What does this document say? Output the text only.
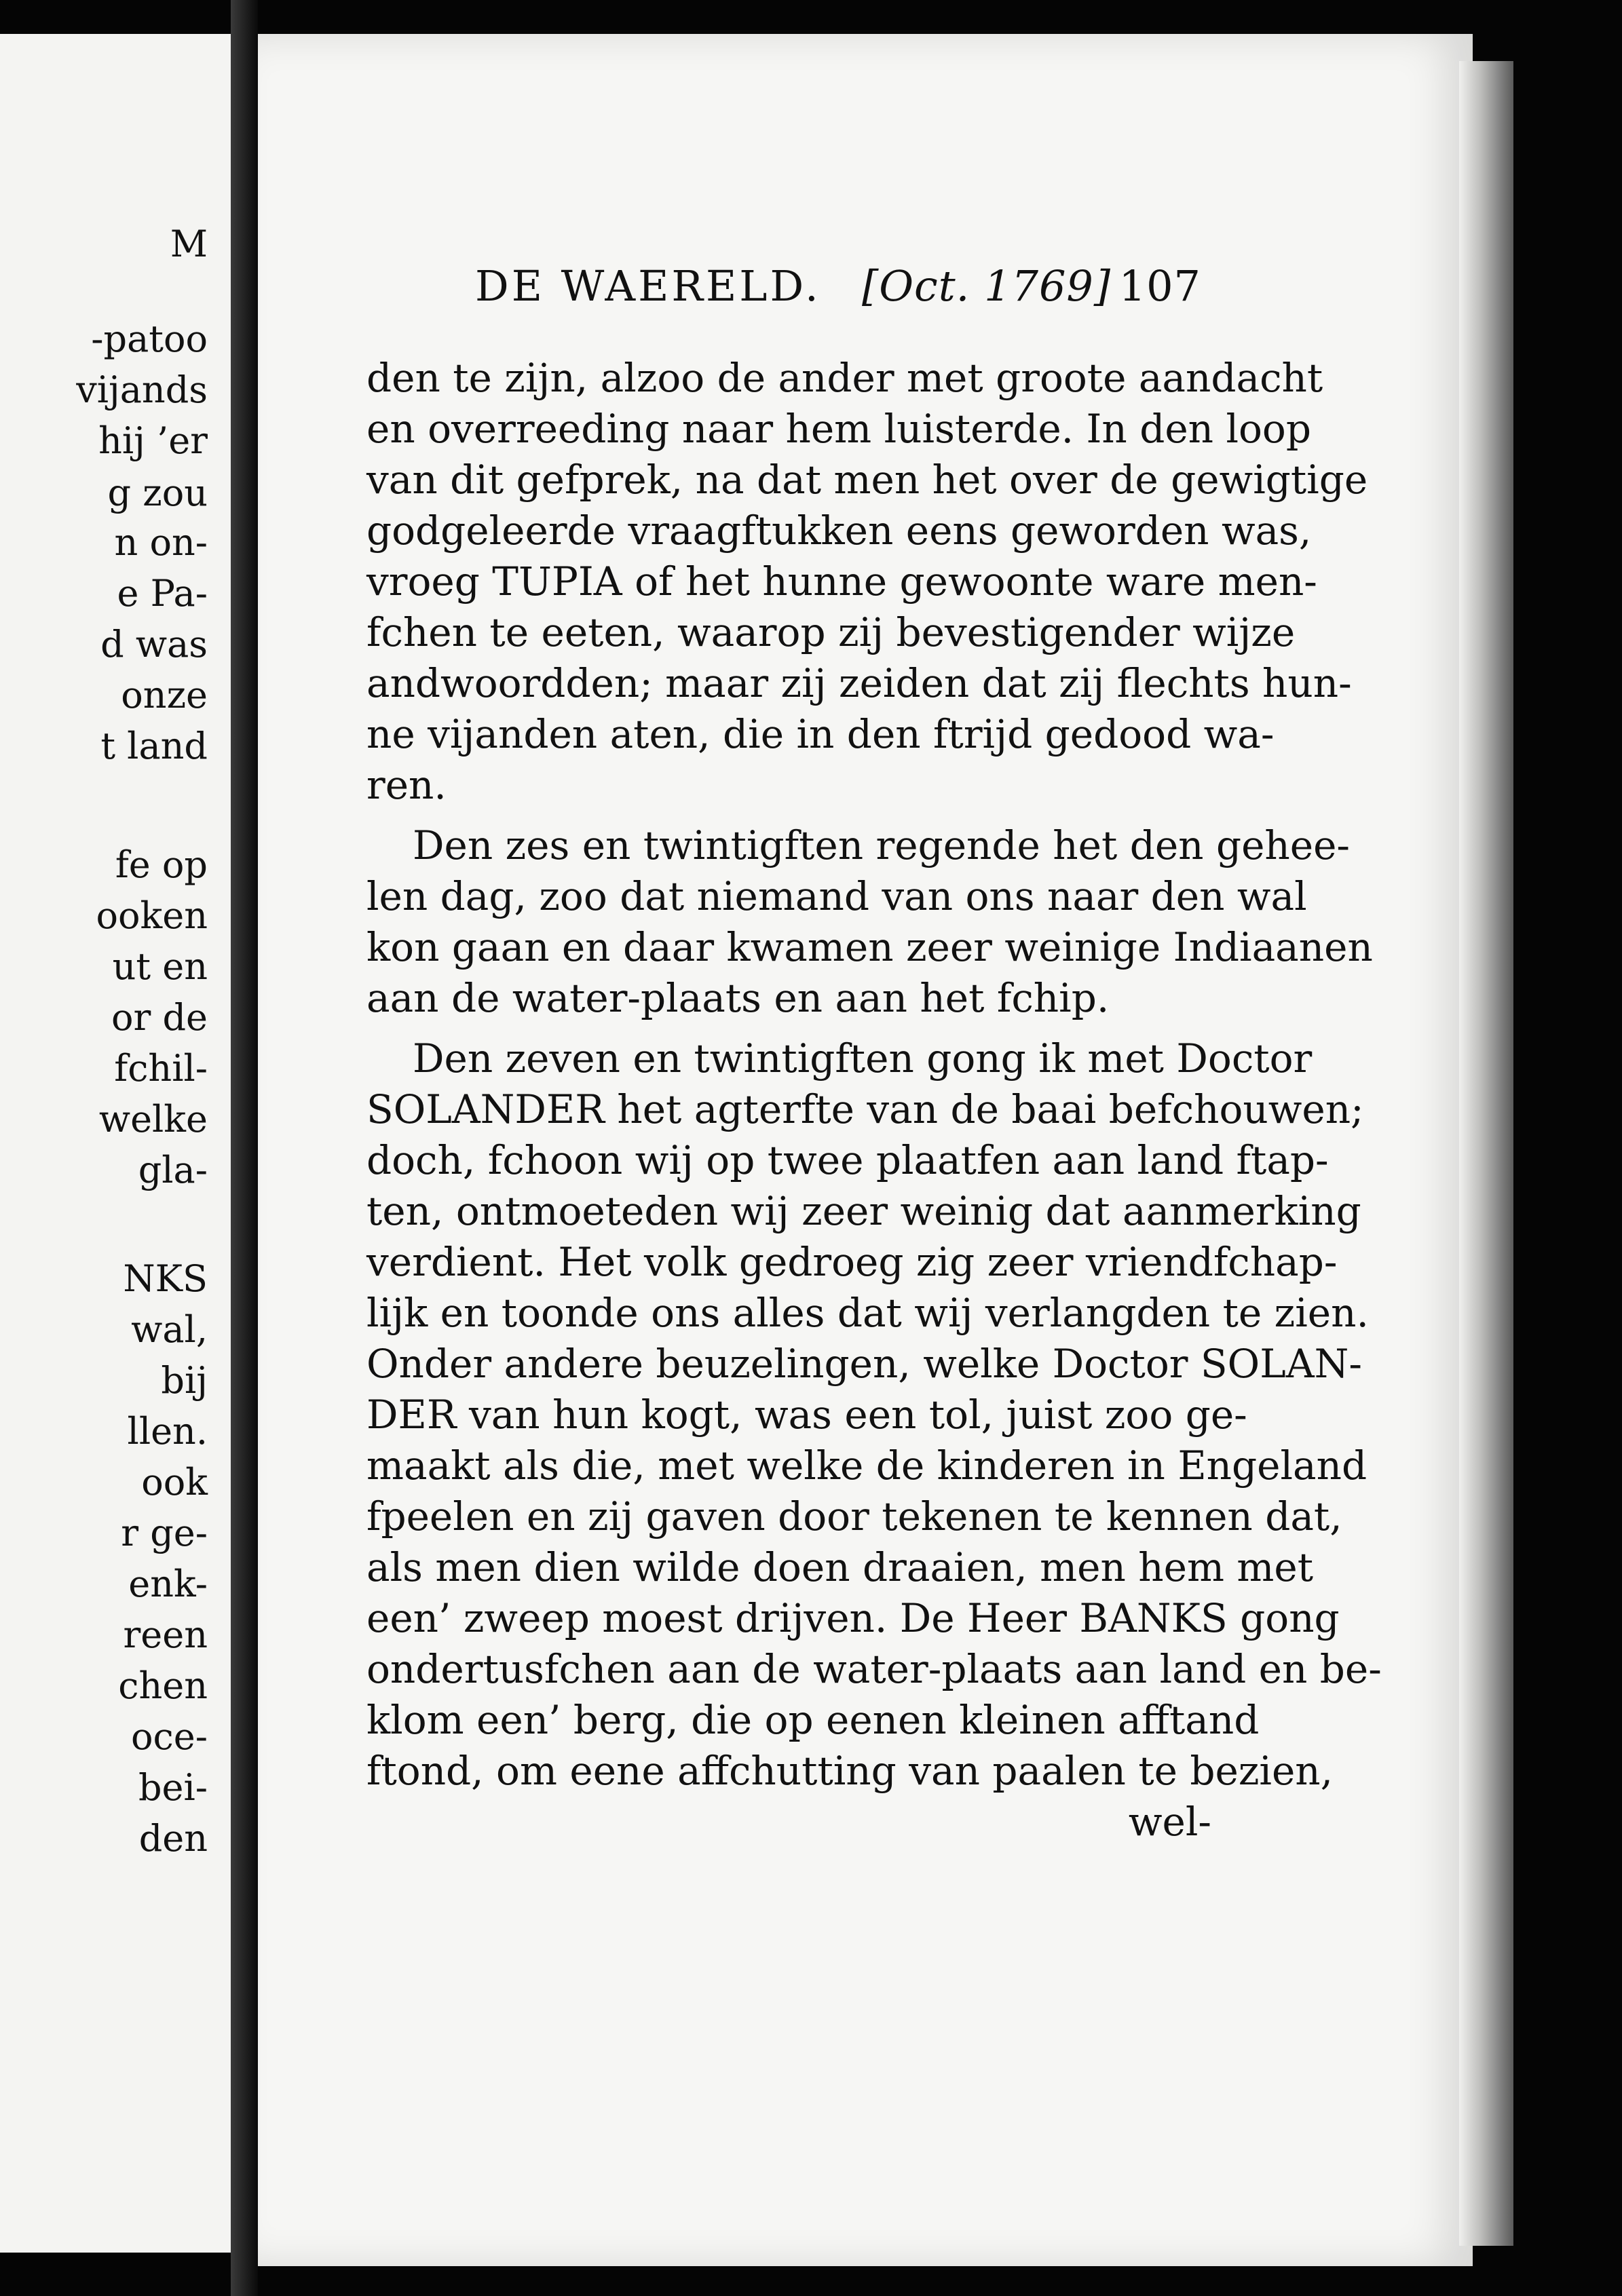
M
-patoo
vijands
hij ’er
g zou
n on-
e Pa-
d was
onze
t land
fe op
ooken
ut en
or de
fchil-
welke
gla-
NKS
wal,
bij
llen.
ook
r ge-
enk-
reen
chen
oce-
bei-
den
DE WAERELD. [Oct. 1769] 107
den te zijn, alzoo de ander met groote aandacht
en overreeding naar hem luisterde. In den loop
van dit gefprek, na dat men het over de gewigtige
godgeleerde vraagftukken eens geworden was,
vroeg TUPIA of het hunne gewoonte ware men-
fchen te eeten, waarop zij bevestigender wijze
andwoordden; maar zij zeiden dat zij flechts hun-
ne vijanden aten, die in den ftrijd gedood wa-
ren.
Den zes en twintigften regende het den gehee-
len dag, zoo dat niemand van ons naar den wal
kon gaan en daar kwamen zeer weinige Indiaanen
aan de water-plaats en aan het fchip.
Den zeven en twintigften gong ik met Doctor
SOLANDER het agterfte van de baai befchouwen;
doch, fchoon wij op twee plaatfen aan land ftap-
ten, ontmoeteden wij zeer weinig dat aanmerking
verdient. Het volk gedroeg zig zeer vriendfchap-
lijk en toonde ons alles dat wij verlangden te zien.
Onder andere beuzelingen, welke Doctor SOLAN-
DER van hun kogt, was een tol, juist zoo ge-
maakt als die, met welke de kinderen in Engeland
fpeelen en zij gaven door tekenen te kennen dat,
als men dien wilde doen draaien, men hem met
een’ zweep moest drijven. De Heer BANKS gong
ondertusfchen aan de water-plaats aan land en be-
klom een’ berg, die op eenen kleinen afftand
ftond, om eene affchutting van paalen te bezien,
wel-
